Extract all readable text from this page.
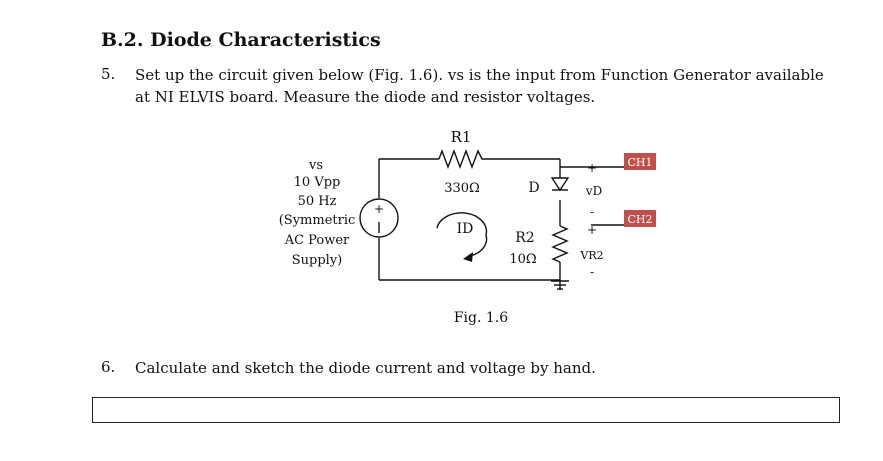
B.2. Diode Characteristics
5. Set up the circuit given below (Fig. 1.6). vs is the input from Function Generator available
at NI ELVIS board. Measure the diode and resistor voltages.
+
vs
10 Vpp
50 Hz
(Symmetric
AC Power
Supply)
R1
330Ω	D
ID
R2
10Ω
+
vD
-
+
VR2
-
CH1
CH2
Fig. 1.6
6. Calculate and sketch the diode current and voltage by hand.
